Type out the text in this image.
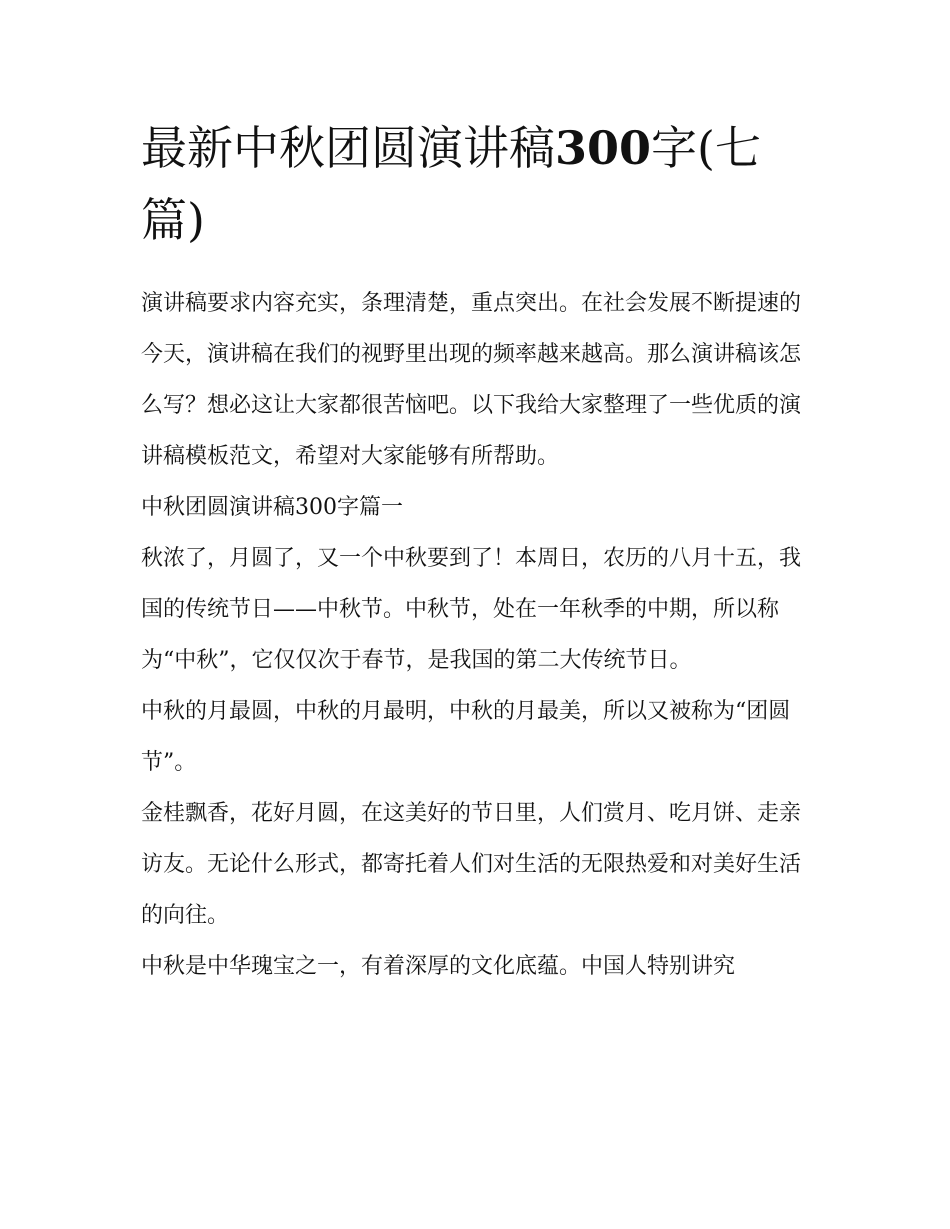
最新中秋团圆演讲稿300字(七篇)

演讲稿要求内容充实，条理清楚，重点突出。在社会发展不断提速的今天，演讲稿在我们的视野里出现的频率越来越高。那么演讲稿该怎么写？想必这让大家都很苦恼吧。以下我给大家整理了一些优质的演讲稿模板范文，希望对大家能够有所帮助。

中秋团圆演讲稿300字篇一

秋浓了，月圆了，又一个中秋要到了！本周日，农历的八月十五，我国的传统节日——中秋节。中秋节，处在一年秋季的中期，所以称为“中秋”，它仅仅次于春节，是我国的第二大传统节日。

中秋的月最圆，中秋的月最明，中秋的月最美，所以又被称为“团圆节”。

金桂飘香，花好月圆，在这美好的节日里，人们赏月、吃月饼、走亲访友。无论什么形式，都寄托着人们对生活的无限热爱和对美好生活的向往。

中秋是中华瑰宝之一，有着深厚的文化底蕴。中国人特别讲究
